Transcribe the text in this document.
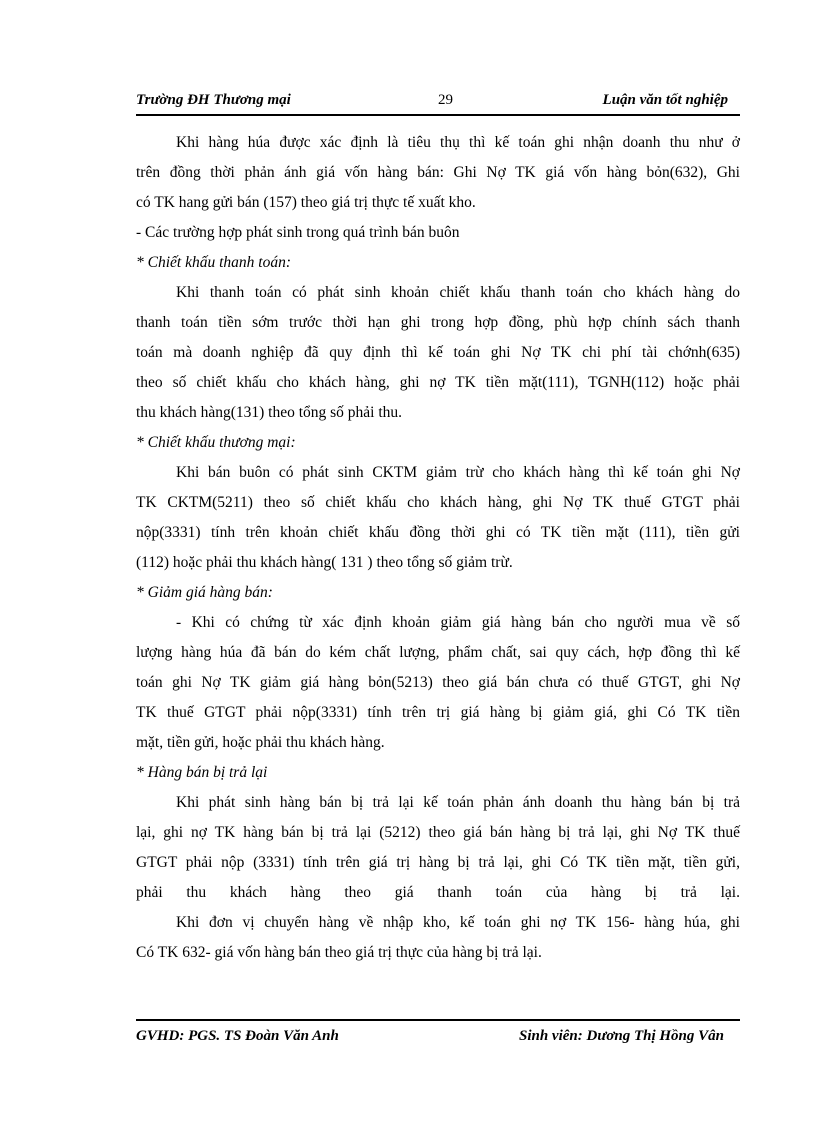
Trường ĐH Thương mại	29	Luận văn tốt nghiệp
Khi hàng húa được xác định là tiêu thụ thì kế toán ghi nhận doanh thu như ở
trên đồng thời phản ánh giá vốn hàng bán: Ghi Nợ TK giá vốn hàng bỏn(632), Ghi
có TK hang gửi bán (157) theo giá trị thực tế xuất kho.
- Các trường hợp phát sinh trong quá trình bán buôn
* Chiết khấu thanh toán:
Khi thanh toán có phát sinh khoản chiết khấu thanh toán cho khách hàng do
thanh toán tiền sớm trước thời hạn ghi trong hợp đồng, phù hợp chính sách thanh
toán mà doanh nghiệp đã quy định thì kế toán ghi Nợ TK chi phí tài chớnh(635)
theo số chiết khấu cho khách hàng, ghi nợ TK tiền mặt(111), TGNH(112) hoặc phải
thu khách hàng(131) theo tổng số phải thu.
* Chiết khấu thương mại:
Khi bán buôn có phát sinh CKTM giảm trừ cho khách hàng thì kế toán ghi Nợ
TK CKTM(5211) theo số chiết khấu cho khách hàng, ghi Nợ TK thuế GTGT phải
nộp(3331) tính trên khoản chiết khấu đồng thời ghi có TK tiền mặt (111), tiền gửi
(112) hoặc phải thu khách hàng( 131 ) theo tổng số giảm trừ.
* Giảm giá hàng bán:
- Khi có chứng từ xác định khoản giảm giá hàng bán cho người mua về số
lượng hàng húa đã bán do kém chất lượng, phẩm chất, sai quy cách, hợp đồng thì kế
toán ghi Nợ TK giảm giá hàng bỏn(5213) theo giá bán chưa có thuế GTGT, ghi Nợ
TK thuế GTGT phải nộp(3331) tính trên trị giá hàng bị giảm giá, ghi Có TK tiền
mặt, tiền gửi, hoặc phải thu khách hàng.
* Hàng bán bị trả lại
Khi phát sinh hàng bán bị trả lại kế toán phản ánh doanh thu hàng bán bị trả
lại, ghi nợ TK hàng bán bị trả lại (5212) theo giá bán hàng bị trả lại, ghi Nợ TK thuế
GTGT phải nộp (3331) tính trên giá trị hàng bị trả lại, ghi Có TK tiền mặt, tiền gửi,
phải thu khách hàng theo giá thanh toán của hàng bị trả lại.
Khi đơn vị chuyển hàng về nhập kho, kế toán ghi nợ TK 156- hàng húa, ghi
Có TK 632- giá vốn hàng bán theo giá trị thực của hàng bị trả lại.
GVHD: PGS. TS Đoàn Văn Anh	Sinh viên: Dương Thị Hồng Vân
